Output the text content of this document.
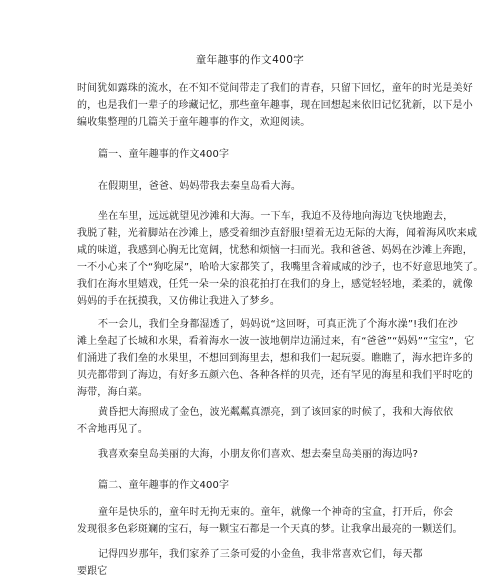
童年趣事的作文400字
时间犹如露珠的流水，在不知不觉间带走了我们的青春，只留下回忆，童年的时光是美好
的，也是我们一辈子的珍藏记忆，那些童年趣事，现在回想起来依旧记忆犹新，以下是小
编收集整理的几篇关于童年趣事的作文，欢迎阅读。
篇一、童年趣事的作文400字
在假期里，爸爸、妈妈带我去秦皇岛看大海。
坐在车里，远远就望见沙滩和大海。一下车，我迫不及待地向海边飞快地跑去，
我脱了鞋，光着脚站在沙滩上，感受着细沙直舒服!望着无边无际的大海，闻着海风吹来咸
咸的味道，我感到心胸无比宽阔，忧愁和烦恼一扫而光。我和爸爸、妈妈在沙滩上奔跑，
一不小心来了个“狗吃屎”，哈哈大家都笑了，我嘴里含着咸咸的沙子，也不好意思地笑了。
我们在海水里嬉戏，任凭一朵一朵的浪花拍打在我们的身上，感觉轻轻地，柔柔的，就像
妈妈的手在抚摸我，又仿佛让我进入了梦乡。
不一会儿，我们全身都湿透了，妈妈说“这回呀，可真正洗了个海水澡”!我们在沙
滩上垒起了长城和水果，看着海水一波一波地朝岸边涌过来，有“爸爸”“妈妈”“宝宝”，它
们涌进了我们垒的水果里，不想回到海里去，想和我们一起玩耍。瞧瞧了，海水把许多的
贝壳都带到了海边，有好多五颜六色、各种各样的贝壳，还有罕见的海星和我们平时吃的
海带，海白菜。
黄昏把大海照成了金色，波光粼粼真漂亮，到了该回家的时候了，我和大海依依
不舍地再见了。
我喜欢秦皇岛美丽的大海，小朋友你们喜欢、想去秦皇岛美丽的海边吗?
篇二、童年趣事的作文400字
童年是快乐的，童年时无拘无束的。童年，就像一个神奇的宝盒，打开后，你会
发现很多色彩斑斓的宝石，每一颗宝石都是一个天真的梦。让我拿出最亮的一颗送们。
记得四岁那年，我们家养了三条可爱的小金鱼，我非常喜欢它们，每天都要跟它
